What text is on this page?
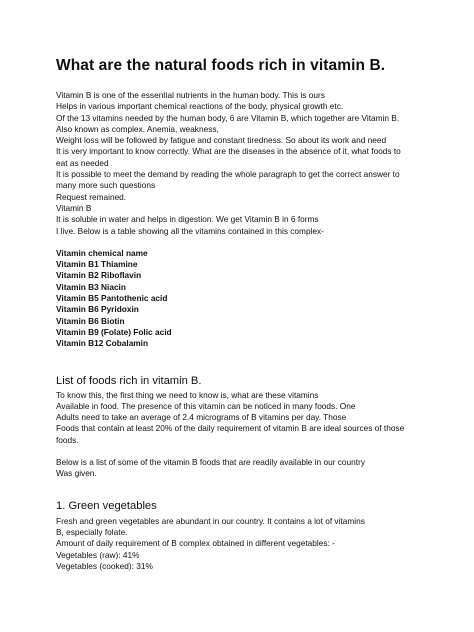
What are the natural foods rich in vitamin B.
Vitamin B is one of the essential nutrients in the human body. This is ours
Helps in various important chemical reactions of the body, physical growth etc.
Of the 13 vitamins needed by the human body, 6 are Vitamin B, which together are Vitamin B.
Also known as complex. Anemia, weakness,
Weight loss will be followed by fatigue and constant tiredness. So about its work and need
It is very important to know correctly. What are the diseases in the absence of it, what foods to
eat as needed
It is possible to meet the demand by reading the whole paragraph to get the correct answer to
many more such questions
Request remained.
Vitamin B
It is soluble in water and helps in digestion. We get Vitamin B in 6 forms
I live. Below is a table showing all the vitamins contained in this complex-
Vitamin chemical name
Vitamin B1 Thiamine
Vitamin B2 Riboflavin
Vitamin B3 Niacin
Vitamin B5 Pantothenic acid
Vitamin B6 Pyridoxin
Vitamin B6 Biotin
Vitamin B9 (Folate) Folic acid
Vitamin B12 Cobalamin
List of foods rich in vitamin B.
To know this, the first thing we need to know is, what are these vitamins
Available in food. The presence of this vitamin can be noticed in many foods. One
Adults need to take an average of 2.4 micrograms of B vitamins per day. Those
Foods that contain at least 20% of the daily requirement of vitamin B are ideal sources of those
foods.
Below is a list of some of the vitamin B foods that are readily available in our country
Was given.
1. Green vegetables
Fresh and green vegetables are abundant in our country. It contains a lot of vitamins
B, especially folate.
Amount of daily requirement of B complex obtained in different vegetables: -
Vegetables (raw): 41%
Vegetables (cooked): 31%
